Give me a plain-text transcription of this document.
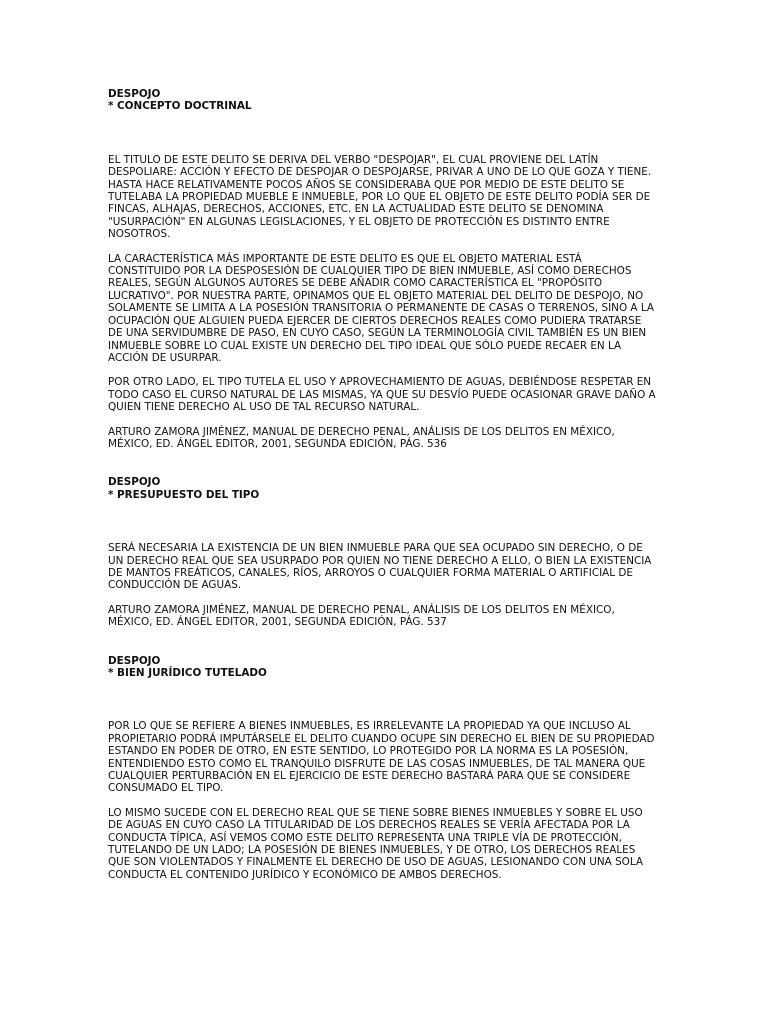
DESPOJO
* CONCEPTO DOCTRINAL
EL TITULO DE ESTE DELITO SE DERIVA DEL VERBO "DESPOJAR", EL CUAL PROVIENE DEL LATÍN
DESPOLIARE: ACCIÓN Y EFECTO DE DESPOJAR O DESPOJARSE, PRIVAR A UNO DE LO QUE GOZA Y TIENE.
HASTA HACE RELATIVAMENTE POCOS AÑOS SE CONSIDERABA QUE POR MEDIO DE ESTE DELITO SE
TUTELABA LA PROPIEDAD MUEBLE E INMUEBLE, POR LO QUE EL OBJETO DE ESTE DELITO PODÍA SER DE
FINCAS, ALHAJAS, DERECHOS, ACCIONES, ETC. EN LA ACTUALIDAD ESTE DELITO SE DENOMINA
"USURPACIÓN" EN ALGUNAS LEGISLACIONES, Y EL OBJETO DE PROTECCIÓN ES DISTINTO ENTRE
NOSOTROS.
LA CARACTERÍSTICA MÁS IMPORTANTE DE ESTE DELITO ES QUE EL OBJETO MATERIAL ESTÁ
CONSTITUIDO POR LA DESPOSESIÓN DE CUALQUIER TIPO DE BIEN INMUEBLE, ASÍ COMO DERECHOS
REALES, SEGÚN ALGUNOS AUTORES SE DEBE AÑADIR COMO CARACTERÍSTICA EL "PROPÓSITO
LUCRATIVO". POR NUESTRA PARTE, OPINAMOS QUE EL OBJETO MATERIAL DEL DELITO DE DESPOJO, NO
SOLAMENTE SE LIMITA A LA POSESIÓN TRANSITORIA O PERMANENTE DE CASAS O TERRENOS, SINO A LA
OCUPACIÓN QUE ALGUIEN PUEDA EJERCER DE CIERTOS DERECHOS REALES COMO PUDIERA TRATARSE
DE UNA SERVIDUMBRE DE PASO, EN CUYO CASO, SEGÚN LA TERMINOLOGÍA CIVIL TAMBIÉN ES UN BIEN
INMUEBLE SOBRE LO CUAL EXISTE UN DERECHO DEL TIPO IDEAL QUE SÓLO PUEDE RECAER EN LA
ACCIÓN DE USURPAR.
POR OTRO LADO, EL TIPO TUTELA EL USO Y APROVECHAMIENTO DE AGUAS, DEBIÉNDOSE RESPETAR EN
TODO CASO EL CURSO NATURAL DE LAS MISMAS, YA QUE SU DESVÍO PUEDE OCASIONAR GRAVE DAÑO A
QUIEN TIENE DERECHO AL USO DE TAL RECURSO NATURAL.
ARTURO ZAMORA JIMÉNEZ, MANUAL DE DERECHO PENAL, ANÁLISIS DE LOS DELITOS EN MÉXICO,
MÉXICO, ED. ÁNGEL EDITOR, 2001, SEGUNDA EDICIÓN, PÁG. 536
DESPOJO
* PRESUPUESTO DEL TIPO
SERÁ NECESARIA LA EXISTENCIA DE UN BIEN INMUEBLE PARA QUE SEA OCUPADO SIN DERECHO, O DE
UN DERECHO REAL QUE SEA USURPADO POR QUIEN NO TIENE DERECHO A ELLO, O BIEN LA EXISTENCIA
DE MANTOS FREÁTICOS, CANALES, RÍOS, ARROYOS O CUALQUIER FORMA MATERIAL O ARTIFICIAL DE
CONDUCCIÓN DE AGUAS.
ARTURO ZAMORA JIMÉNEZ, MANUAL DE DERECHO PENAL, ANÁLISIS DE LOS DELITOS EN MÉXICO,
MÉXICO, ED. ÁNGEL EDITOR, 2001, SEGUNDA EDICIÓN, PÁG. 537
DESPOJO
* BIEN JURÍDICO TUTELADO
POR LO QUE SE REFIERE A BIENES INMUEBLES, ES IRRELEVANTE LA PROPIEDAD YA QUE INCLUSO AL
PROPIETARIO PODRÁ IMPUTÁRSELE EL DELITO CUANDO OCUPE SIN DERECHO EL BIEN DE SU PROPIEDAD
ESTANDO EN PODER DE OTRO, EN ESTE SENTIDO, LO PROTEGIDO POR LA NORMA ES LA POSESIÓN,
ENTENDIENDO ESTO COMO EL TRANQUILO DISFRUTE DE LAS COSAS INMUEBLES, DE TAL MANERA QUE
CUALQUIER PERTURBACIÓN EN EL EJERCICIO DE ESTE DERECHO BASTARÁ PARA QUE SE CONSIDERE
CONSUMADO EL TIPO.
LO MISMO SUCEDE CON EL DERECHO REAL QUE SE TIENE SOBRE BIENES INMUEBLES Y SOBRE EL USO
DE AGUAS EN CUYO CASO LA TITULARIDAD DE LOS DERECHOS REALES SE VERÍA AFECTADA POR LA
CONDUCTA TÍPICA, ASÍ VEMOS COMO ESTE DELITO REPRESENTA UNA TRIPLE VÍA DE PROTECCIÓN,
TUTELANDO DE UN LADO; LA POSESIÓN DE BIENES INMUEBLES, Y DE OTRO, LOS DERECHOS REALES
QUE SON VIOLENTADOS Y FINALMENTE EL DERECHO DE USO DE AGUAS, LESIONANDO CON UNA SOLA
CONDUCTA EL CONTENIDO JURÍDICO Y ECONÓMICO DE AMBOS DERECHOS.
